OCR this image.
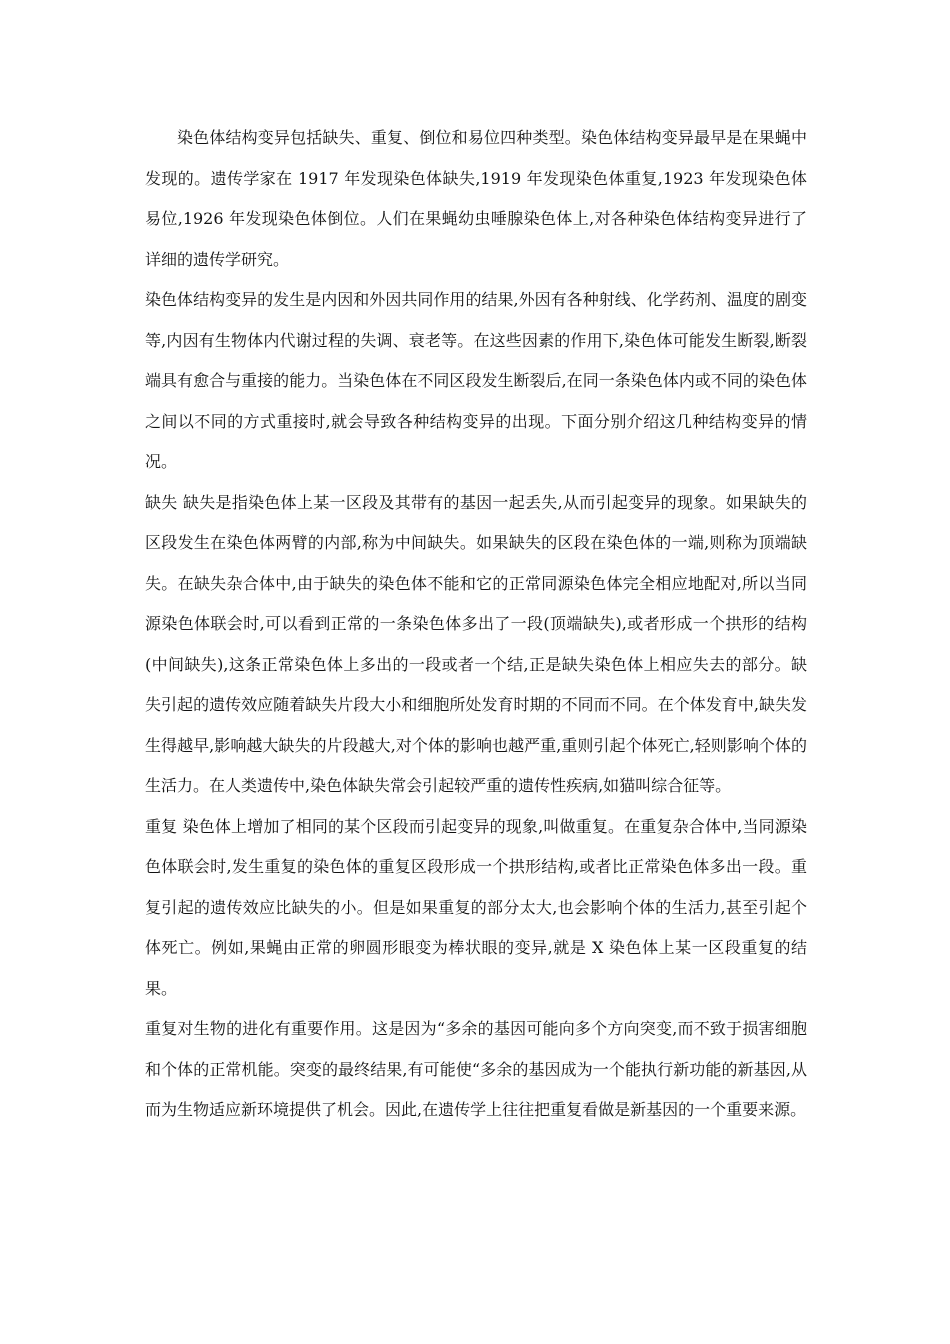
染色体结构变异包括缺失、重复、倒位和易位四种类型。染色体结构变异最早是在果蝇中发现的。遗传学家在 1917 年发现染色体缺失,1919 年发现染色体重复,1923 年发现染色体易位,1926 年发现染色体倒位。人们在果蝇幼虫唾腺染色体上,对各种染色体结构变异进行了详细的遗传学研究。

染色体结构变异的发生是内因和外因共同作用的结果,外因有各种射线、化学药剂、温度的剧变等,内因有生物体内代谢过程的失调、衰老等。在这些因素的作用下,染色体可能发生断裂,断裂端具有愈合与重接的能力。当染色体在不同区段发生断裂后,在同一条染色体内或不同的染色体之间以不同的方式重接时,就会导致各种结构变异的出现。下面分别介绍这几种结构变异的情况。

缺失 缺失是指染色体上某一区段及其带有的基因一起丢失,从而引起变异的现象。如果缺失的区段发生在染色体两臂的内部,称为中间缺失。如果缺失的区段在染色体的一端,则称为顶端缺失。在缺失杂合体中,由于缺失的染色体不能和它的正常同源染色体完全相应地配对,所以当同源染色体联会时,可以看到正常的一条染色体多出了一段(顶端缺失),或者形成一个拱形的结构(中间缺失),这条正常染色体上多出的一段或者一个结,正是缺失染色体上相应失去的部分。缺失引起的遗传效应随着缺失片段大小和细胞所处发育时期的不同而不同。在个体发育中,缺失发生得越早,影响越大缺失的片段越大,对个体的影响也越严重,重则引起个体死亡,轻则影响个体的生活力。在人类遗传中,染色体缺失常会引起较严重的遗传性疾病,如猫叫综合征等。

重复 染色体上增加了相同的某个区段而引起变异的现象,叫做重复。在重复杂合体中,当同源染色体联会时,发生重复的染色体的重复区段形成一个拱形结构,或者比正常染色体多出一段。重复引起的遗传效应比缺失的小。但是如果重复的部分太大,也会影响个体的生活力,甚至引起个体死亡。例如,果蝇由正常的卵圆形眼变为棒状眼的变异,就是 X 染色体上某一区段重复的结果。

重复对生物的进化有重要作用。这是因为“多余的基因可能向多个方向突变,而不致于损害细胞和个体的正常机能。突变的最终结果,有可能使“多余的基因成为一个能执行新功能的新基因,从而为生物适应新环境提供了机会。因此,在遗传学上往往把重复看做是新基因的一个重要来源。
